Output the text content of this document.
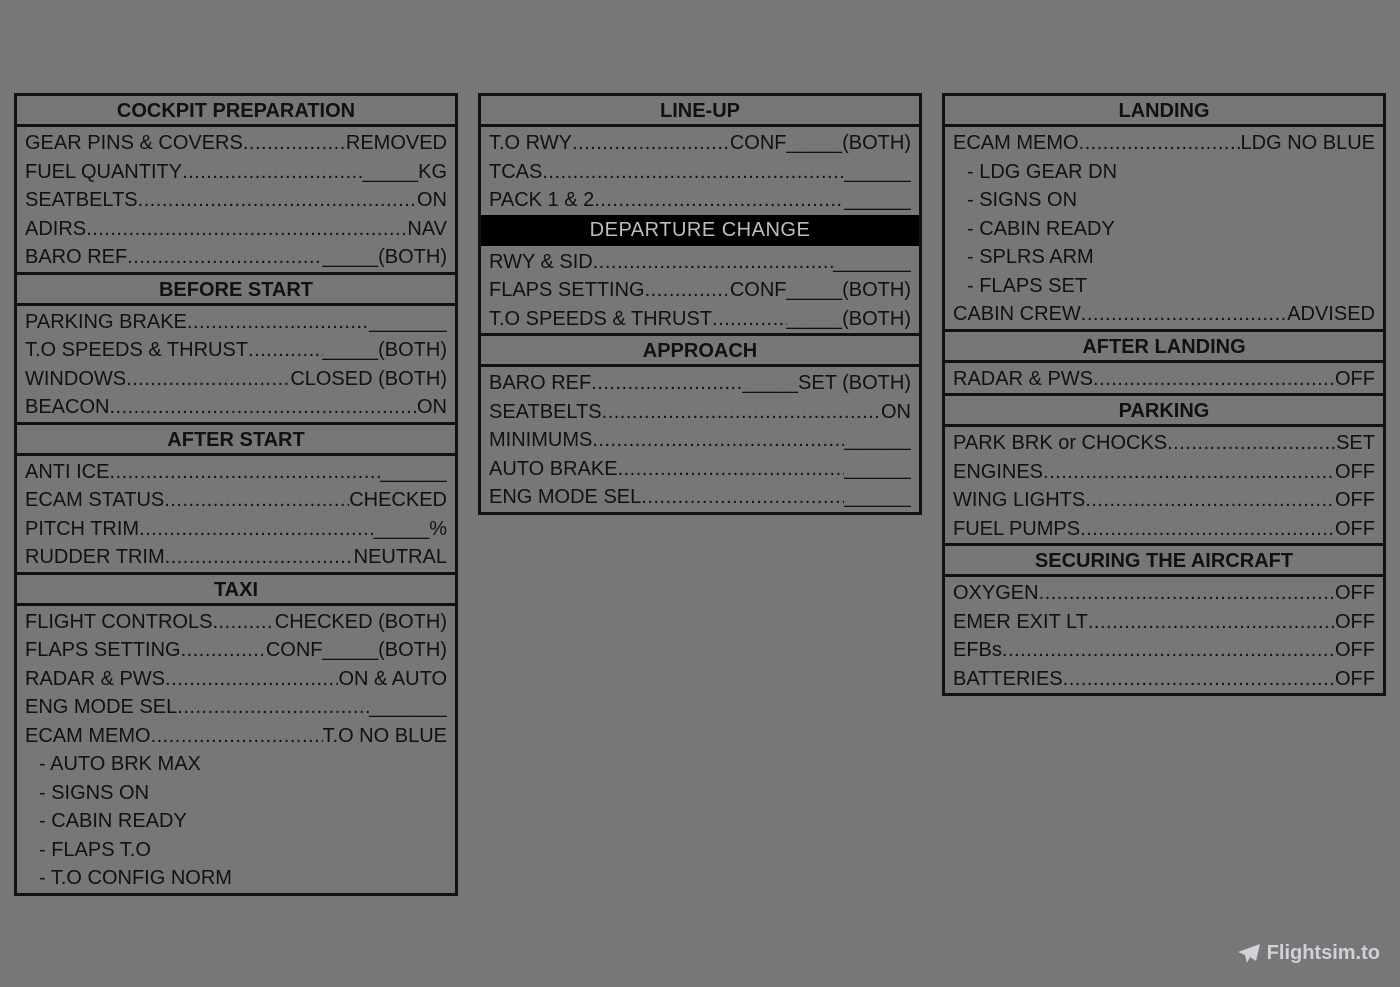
COCKPIT PREPARATION
GEAR PINS & COVERS .....	REMOVED
FUEL QUANTITY .....	_____KG
SEATBELTS .....	ON
ADIRS .....	NAV
BARO REF .....	_____(BOTH)
BEFORE START
PARKING BRAKE .....	_______
T.O SPEEDS & THRUST .....	_____(BOTH)
WINDOWS .....	CLOSED (BOTH)
BEACON .....	ON
AFTER START
ANTI ICE .....	______
ECAM STATUS .....	CHECKED
PITCH TRIM .....	_____%
RUDDER TRIM .....	NEUTRAL
TAXI
FLIGHT CONTROLS .....	CHECKED (BOTH)
FLAPS SETTING .....	CONF_____(BOTH)
RADAR & PWS .....	ON & AUTO
ENG MODE SEL .....	_______
ECAM MEMO .....	T.O NO BLUE
- AUTO BRK MAX
- SIGNS ON
- CABIN READY
- FLAPS T.O
- T.O CONFIG NORM
LINE-UP
T.O RWY .....	CONF_____(BOTH)
TCAS .....	______
PACK 1 & 2 .....	______
DEPARTURE CHANGE
RWY & SID .....	_______
FLAPS SETTING .....	CONF_____(BOTH)
T.O SPEEDS & THRUST .....	_____(BOTH)
APPROACH
BARO REF .....	_____SET (BOTH)
SEATBELTS .....	ON
MINIMUMS .....	______
AUTO BRAKE .....	______
ENG MODE SEL .....	______
LANDING
ECAM MEMO .....	LDG NO BLUE
- LDG GEAR DN
- SIGNS ON
- CABIN READY
- SPLRS ARM
- FLAPS SET
CABIN CREW .....	ADVISED
AFTER LANDING
RADAR & PWS .....	OFF
PARKING
PARK BRK or CHOCKS .....	SET
ENGINES .....	OFF
WING LIGHTS .....	OFF
FUEL PUMPS .....	OFF
SECURING THE AIRCRAFT
OXYGEN .....	OFF
EMER EXIT LT .....	OFF
EFBs .....	OFF
BATTERIES .....	OFF
Flightsim.to
